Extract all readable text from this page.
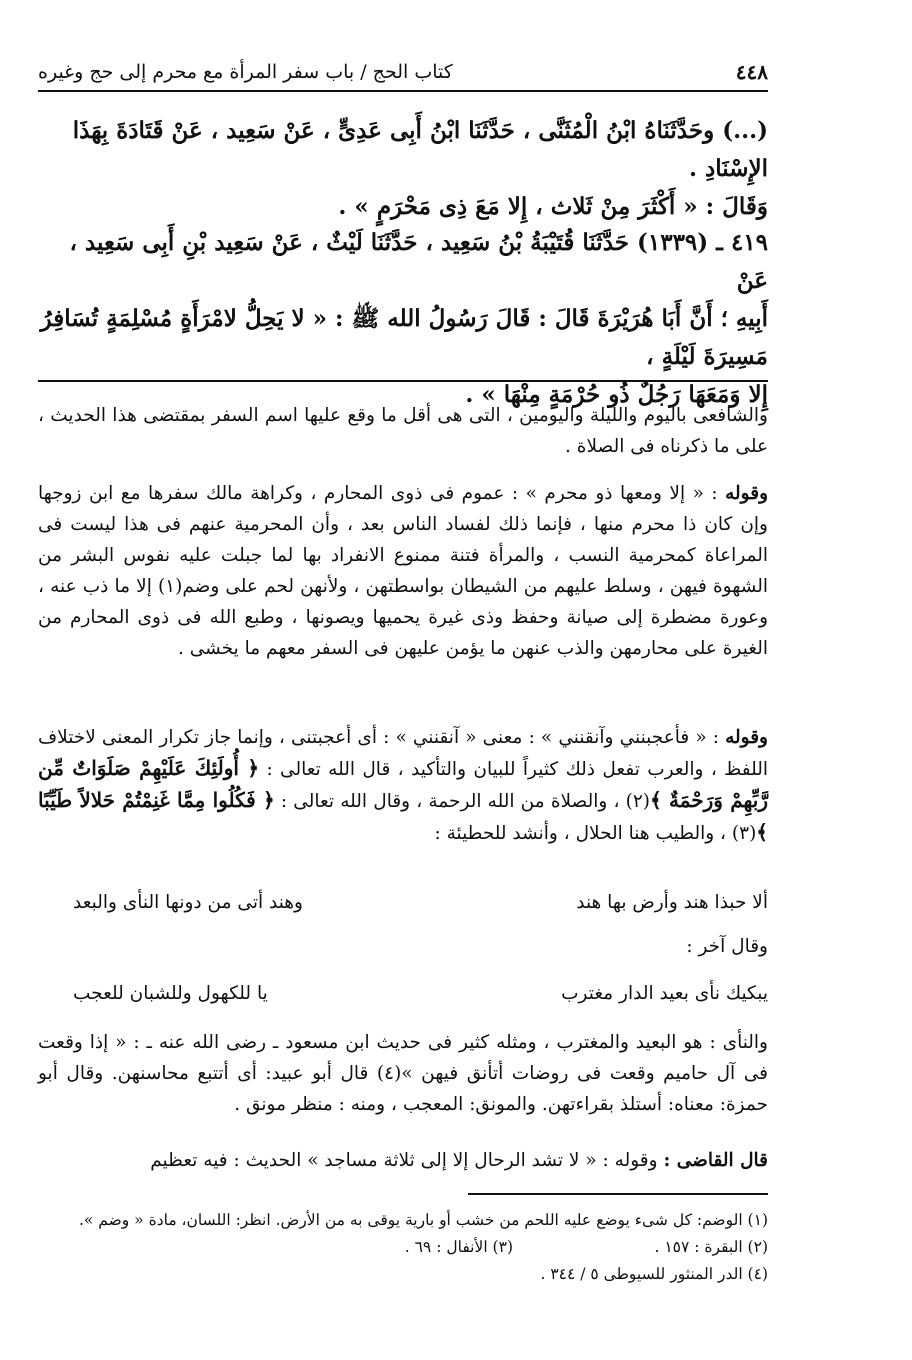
٤٤٨
كتاب الحج / باب سفر المرأة مع محرم إلى حج وغيره

(...) وحَدَّثَنَاهُ ابْنُ الْمُثَنَّى ، حَدَّثَنَا ابْنُ أَبِى عَدِىٍّ ، عَنْ سَعِيد ، عَنْ قَتَادَةَ بِهَذَا الإِسْنَادِ .

وَقَالَ : « أَكْثَرَ مِنْ ثَلاث ، إِلا مَعَ ذِى مَحْرَمٍ » .

٤١٩ ـ (١٣٣٩) حَدَّثَنَا قُتَيْبَةُ بْنُ سَعِيد ، حَدَّثَنَا لَيْثٌ ، عَنْ سَعِيد بْنِ أَبِى سَعِيد ، عَنْ

أَبِيهِ ؛ أَنَّ أَبَا هُرَيْرَةَ قَالَ : قَالَ رَسُولُ الله ﷺ : « لا يَحِلُّ لامْرَأَةٍ مُسْلِمَةٍ تُسَافِرُ مَسِيرَةَ لَيْلَةٍ ،

إِلا وَمَعَهَا رَجُلٌ ذُو حُرْمَةٍ مِنْهَا » .

والشافعى باليوم والليلة واليومين ، التى هى أقل ما وقع عليها اسم السفر بمقتضى هذا الحديث ، على ما ذكرناه فى الصلاة .

وقوله : « إلا ومعها ذو محرم » : عموم فى ذوى المحارم ، وكراهة مالك سفرها مع ابن زوجها وإن كان ذا محرم منها ، فإنما ذلك لفساد الناس بعد ، وأن المحرمية عنهم فى هذا ليست فى المراعاة كمحرمية النسب ، والمرأة فتنة ممنوع الانفراد بها لما جبلت عليه نفوس البشر من الشهوة فيهن ، وسلط عليهم من الشيطان بواسطتهن ، ولأنهن لحم على وضم(١) إلا ما ذب عنه ، وعورة مضطرة إلى صيانة وحفظ وذى غيرة يحميها ويصونها ، وطبع الله فى ذوى المحارم من الغيرة على محارمهن والذب عنهن ما يؤمن عليهن فى السفر معهم ما يخشى .

وقوله : « فأعجبنني وآنقنني » : معنى « آنقنني » : أى أعجبتنى ، وإنما جاز تكرار المعنى لاختلاف اللفظ ، والعرب تفعل ذلك كثيراً للبيان والتأكيد ، قال الله تعالى : ﴿ أُولَئِكَ عَلَيْهِمْ صَلَوَاتٌ مِّن رَّبِّهِمْ وَرَحْمَةٌ ﴾(٢) ، والصلاة من الله الرحمة ، وقال الله تعالى : ﴿ فَكُلُوا مِمَّا غَنِمْتُمْ حَلالاً طَيِّبًا ﴾(٣) ، والطيب هنا الحلال ، وأنشد للحطيئة :

ألا حبذا هند وأرض بها هند
وهند أتى من دونها النأى والبعد
وقال آخر :
يبكيك نأى بعيد الدار مغترب
يا للكهول وللشبان للعجب

والنأى : هو البعيد والمغترب ، ومثله كثير فى حديث ابن مسعود ـ رضى الله عنه ـ : « إذا وقعت فى آل حاميم وقعت فى روضات أتأنق فيهن »(٤) قال أبو عبيد: أى أتتبع محاسنهن. وقال أبو حمزة: معناه: أستلذ بقراءتهن. والمونق: المعجب ، ومنه : منظر مونق .

قال القاضى : وقوله : « لا تشد الرحال إلا إلى ثلاثة مساجد » الحديث : فيه تعظيم

(١) الوضم: كل شىء يوضع عليه اللحم من خشب أو بارية يوقى به من الأرض. انظر: اللسان، مادة « وضم ».
(٢) البقرة : ١٥٧ .
(٣) الأنفال : ٦٩ .
(٤) الدر المنثور للسيوطى ٥ / ٣٤٤ .
